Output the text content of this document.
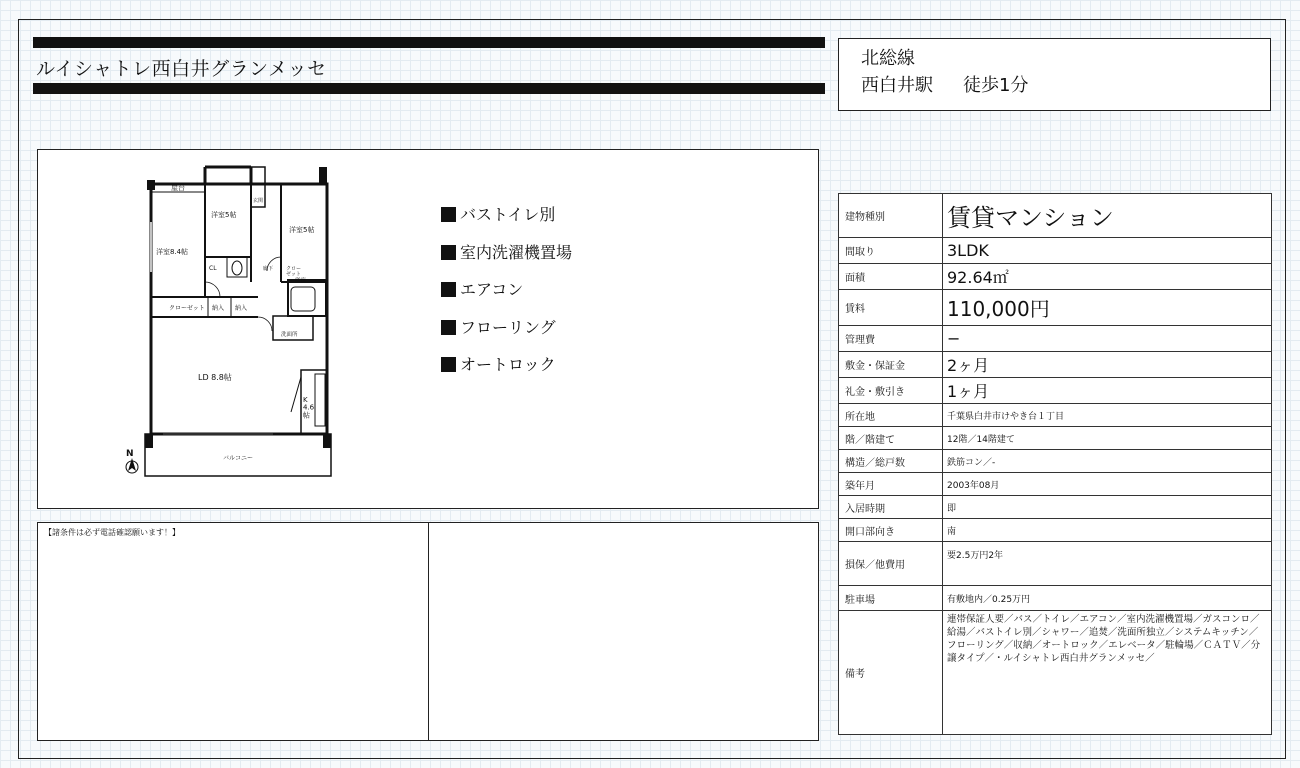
ルイシャトレ西白井グランメッセ	北総線
西白井駅 徒歩1分
屋台
洋室8.4帖
洋室5帖
洋室5帖
クローゼット 納入 納入
CL
玄関
廊下
浴室
洗面所
LD 8.8帖
K 4.6 帖
クローゼット
バルコニー
N
バストイレ別
室内洗濯機置場
エアコン
フローリング
オートロック
【諸条件は必ず電話確認願います！】
建物種別	賃貸マンション
間取り	3LDK
面積	92.64㎡
賃料	110,000円
管理費	−
敷金・保証金	2ヶ月
礼金・敷引き	1ヶ月
所在地	千葉県白井市けやき台１丁目
階／階建て	12階／14階建て
構造／総戸数	鉄筋コン／-
築年月	2003年08月
入居時期	即
開口部向き	南
損保／他費用	要2.5万円2年
駐車場	有敷地内／0.25万円
備考	連帯保証人要／バス／トイレ／エアコン／室内洗濯機置場／ガスコンロ／給湯／バストイレ別／シャワー／追焚／洗面所独立／システムキッチン／フローリング／収納／オートロック／エレベータ／駐輪場／ＣＡＴＶ／分譲タイプ／・ルイシャトレ西白井グランメッセ／
